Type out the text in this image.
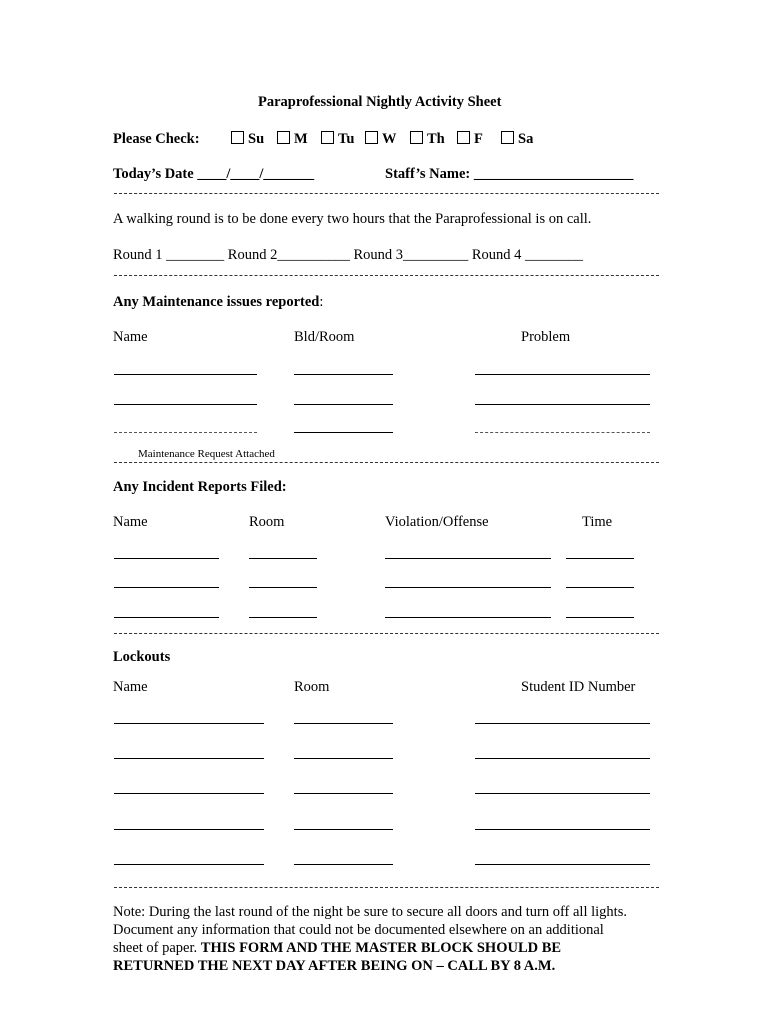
Paraprofessional Nightly Activity Sheet
Please Check:	Su	M	Tu	W	Th	F	Sa
Today’s Date ____/____/_______	Staff’s Name: ______________________
A walking round is to be done every two hours that the Paraprofessional is on call.
Round 1 ________ Round 2__________ Round 3_________ Round 4 ________
Any Maintenance issues reported:
Name	Bld/Room	Problem
Maintenance Request Attached
Any Incident Reports Filed:
Name	Room	Violation/Offense	Time
Lockouts
Name	Room	Student ID Number
Note: During the last round of the night be sure to secure all doors and turn off all lights.
Document any information that could not be documented elsewhere on an additional
sheet of paper. THIS FORM AND THE MASTER BLOCK SHOULD BE
RETURNED THE NEXT DAY AFTER BEING ON – CALL BY 8 A.M.
